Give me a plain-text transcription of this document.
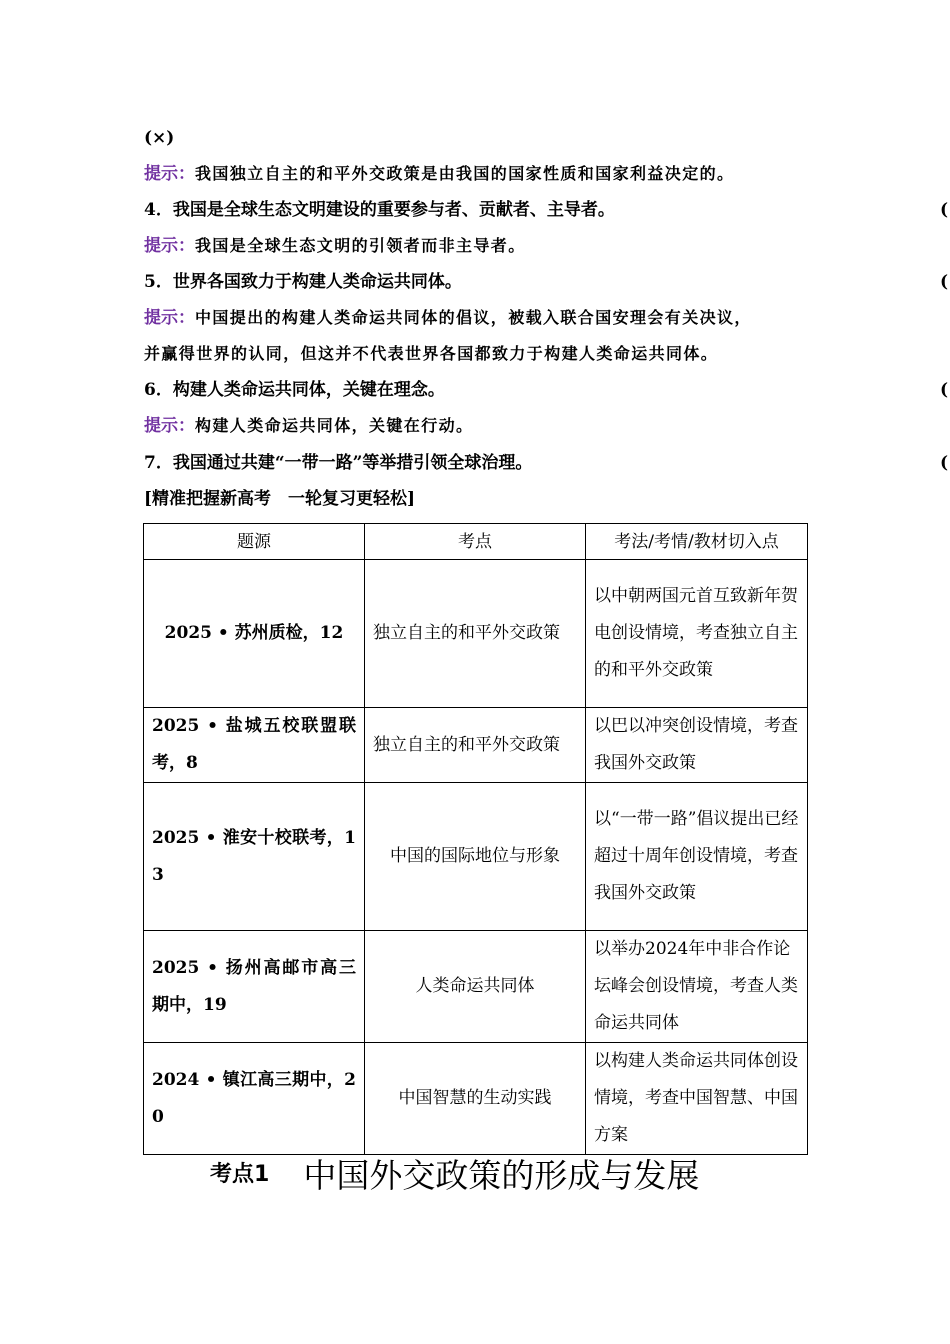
(×)
提示：我国独立自主的和平外交政策是由我国的国家性质和国家利益决定的。
4．我国是全球生态文明建设的重要参与者、贡献者、主导者。	(
提示：我国是全球生态文明的引领者而非主导者。
5．世界各国致力于构建人类命运共同体。	(
提示：中国提出的构建人类命运共同体的倡议，被载入联合国安理会有关决议，
并赢得世界的认同，但这并不代表世界各国都致力于构建人类命运共同体。
6．构建人类命运共同体，关键在理念。	(
提示：构建人类命运共同体，关键在行动。
7．我国通过共建“一带一路”等举措引领全球治理。	(
[精准把握新高考　一轮复习更轻松]
题源	考点	考法/考情/教材切入点
2025 • 苏州质检，12	独立自主的和平外交政策	以中朝两国元首互致新年贺电创设情境，考查独立自主的和平外交政策
2025 • 盐城五校联盟联考，8	独立自主的和平外交政策	以巴以冲突创设情境，考查我国外交政策
2025 • 淮安十校联考，13	中国的国际地位与形象	以“一带一路”倡议提出已经超过十周年创设情境，考查我国外交政策
2025 • 扬州高邮市高三期中，19	人类命运共同体	以举办2024年中非合作论坛峰会创设情境，考查人类命运共同体
2024 • 镇江高三期中，20	中国智慧的生动实践	以构建人类命运共同体创设情境，考查中国智慧、中国方案
考点1 中国外交政策的形成与发展
